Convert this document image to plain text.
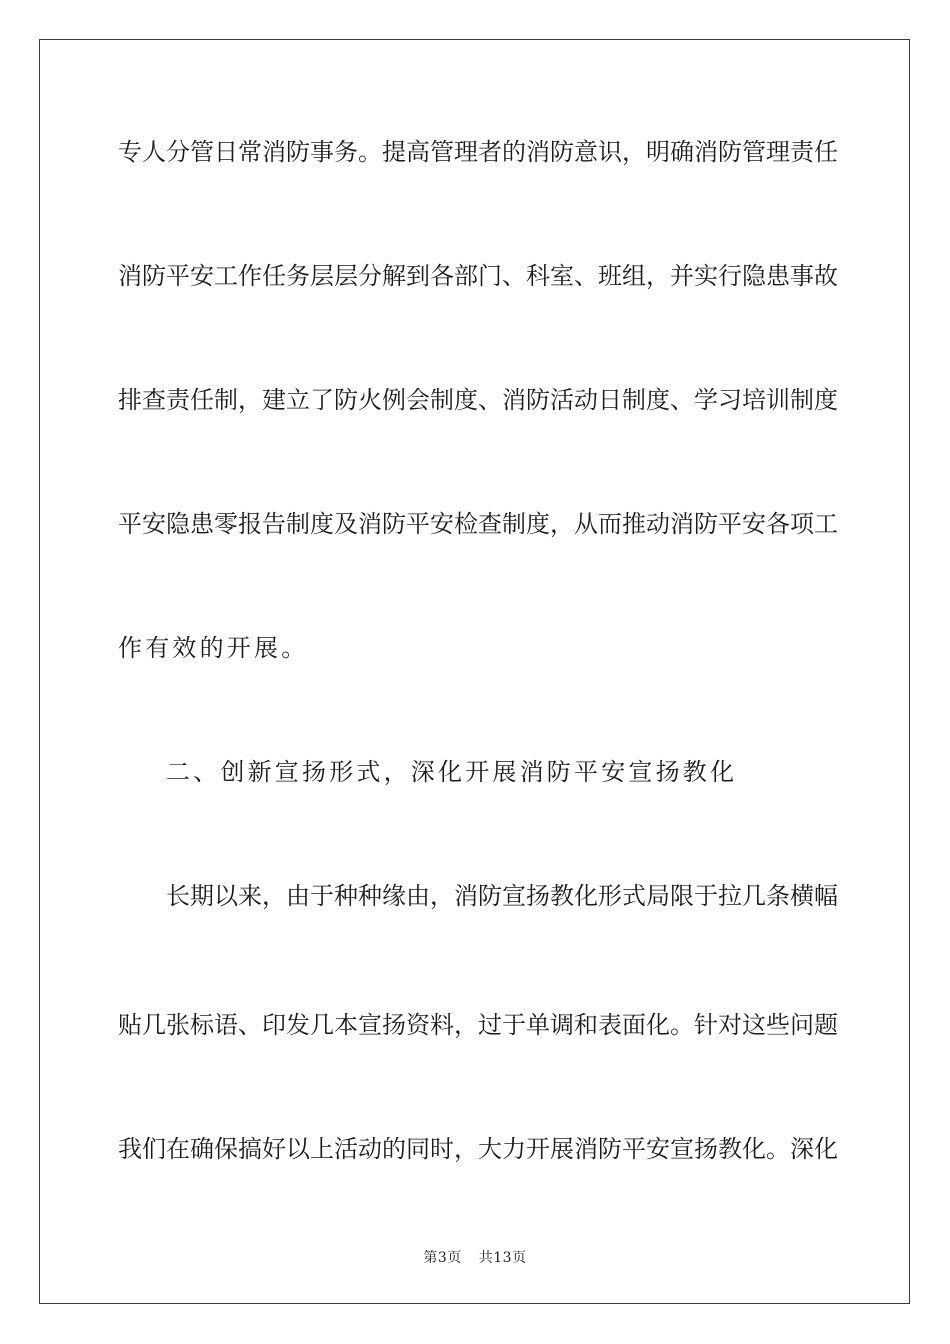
专人分管日常消防事务。提高管理者的消防意识，明确消防管理责任
消防平安工作任务层层分解到各部门、科室、班组，并实行隐患事故
排查责任制，建立了防火例会制度、消防活动日制度、学习培训制度
平安隐患零报告制度及消防平安检查制度，从而推动消防平安各项工
作有效的开展。
二、创新宣扬形式，深化开展消防平安宣扬教化
长期以来，由于种种缘由，消防宣扬教化形式局限于拉几条横幅
贴几张标语、印发几本宣扬资料，过于单调和表面化。针对这些问题
我们在确保搞好以上活动的同时，大力开展消防平安宣扬教化。深化
第3页 共13页
